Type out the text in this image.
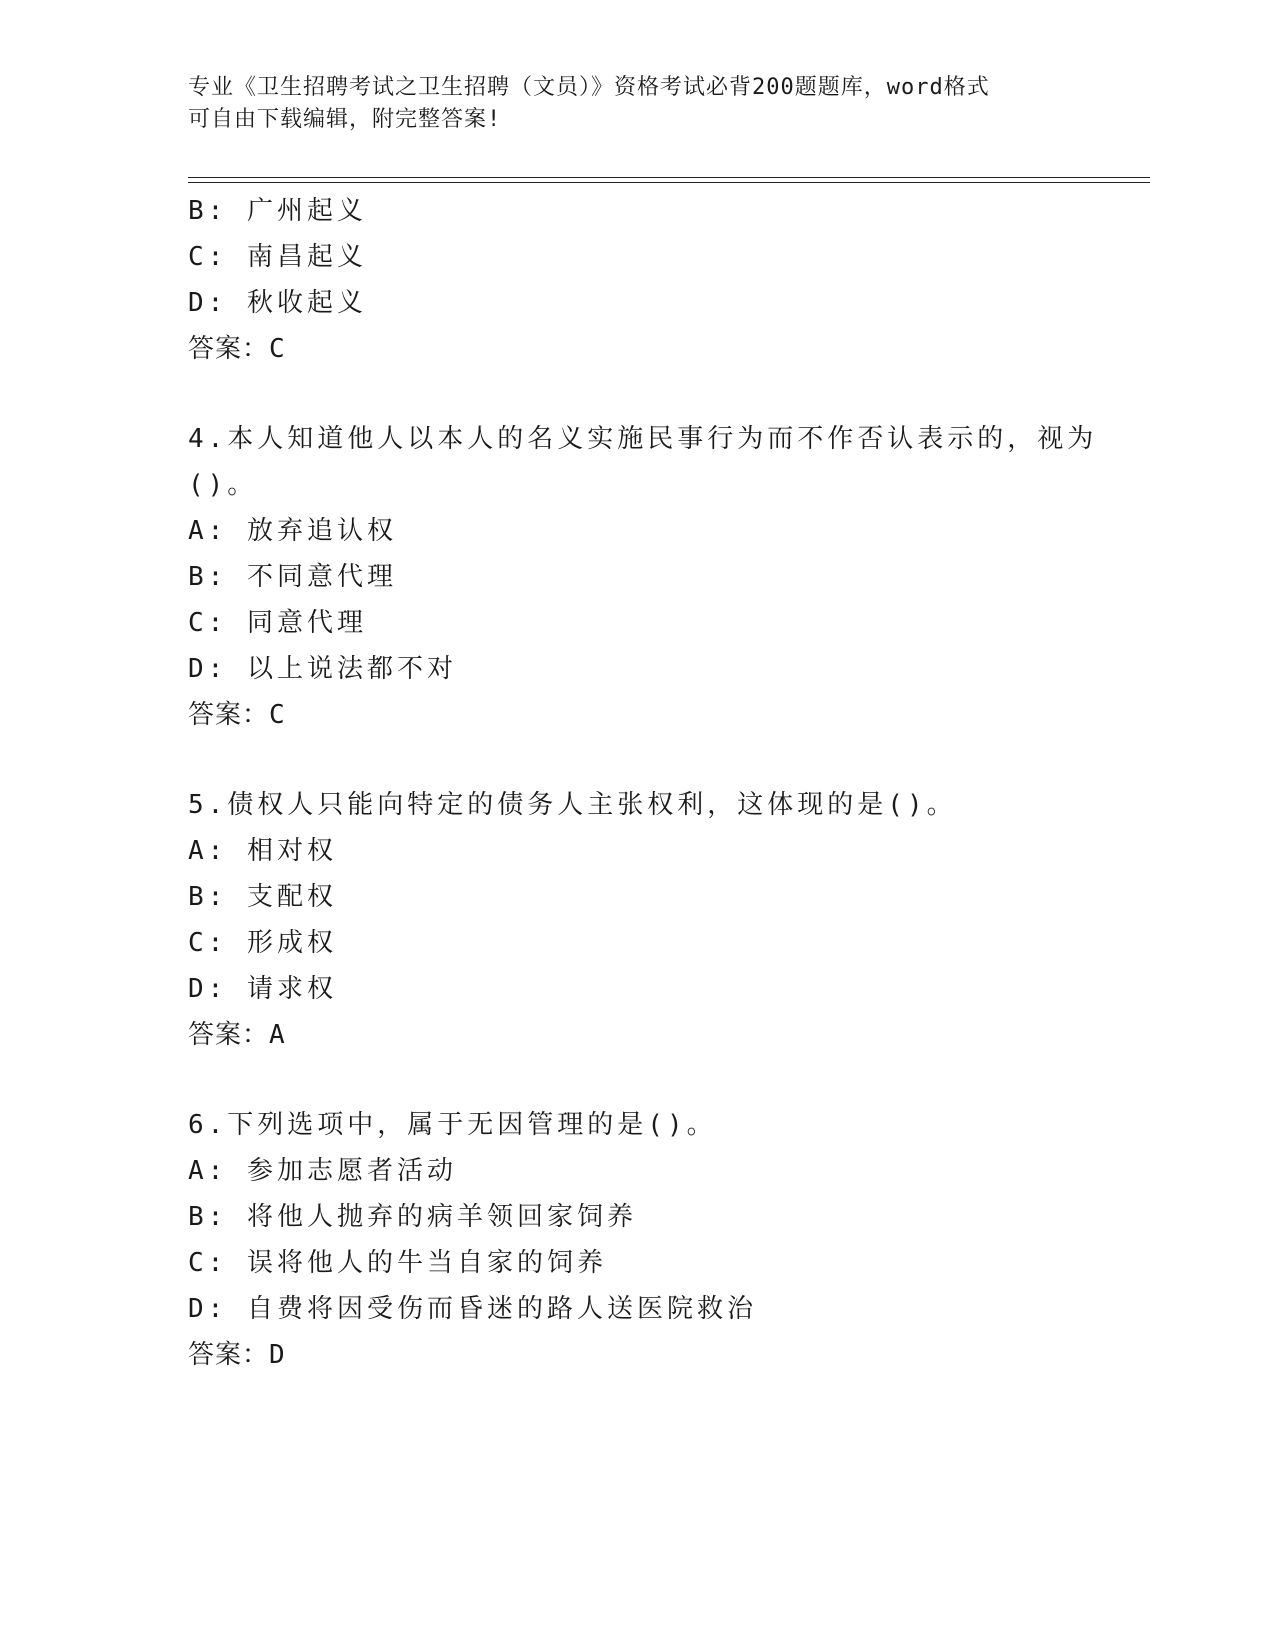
专业《卫生招聘考试之卫生招聘（文员）》资格考试必背200题题库，word格式
可自由下载编辑，附完整答案!
B: 广州起义
C: 南昌起义
D: 秋收起义
答案：C
4.本人知道他人以本人的名义实施民事行为而不作否认表示的，视为
()。
A: 放弃追认权
B: 不同意代理
C: 同意代理
D: 以上说法都不对
答案：C
5.债权人只能向特定的债务人主张权利，这体现的是()。
A: 相对权
B: 支配权
C: 形成权
D: 请求权
答案：A
6.下列选项中，属于无因管理的是()。
A: 参加志愿者活动
B: 将他人抛弃的病羊领回家饲养
C: 误将他人的牛当自家的饲养
D: 自费将因受伤而昏迷的路人送医院救治
答案：D
